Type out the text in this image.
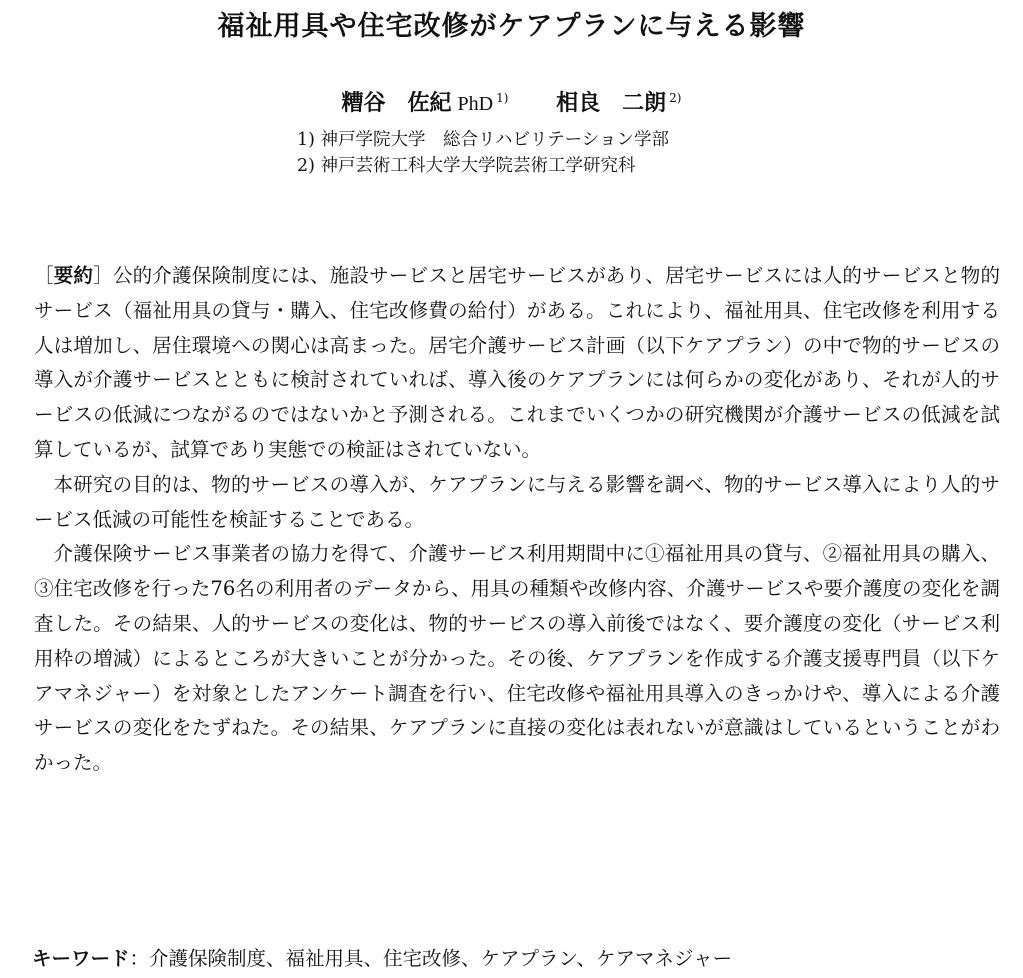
福祉用具や住宅改修がケアプランに与える影響
糟谷　佐紀 PhD $^{1)}$ 相良　二朗 $^{2)}$
1) 神戸学院大学　総合リハビリテーション学部
2) 神戸芸術工科大学大学院芸術工学研究科

［要約］公的介護保険制度には、施設サービスと居宅サービスがあり、居宅サービスには人的サービスと物的サービス（福祉用具の貸与・購入、住宅改修費の給付）がある。これにより、福祉用具、住宅改修を利用する人は増加し、居住環境への関心は高まった。居宅介護サービス計画（以下ケアプラン）の中で物的サービスの導入が介護サービスとともに検討されていれば、導入後のケアプランには何らかの変化があり、それが人的サービスの低減につながるのではないかと予測される。これまでいくつかの研究機関が介護サービスの低減を試算しているが、試算であり実態での検証はされていない。

本研究の目的は、物的サービスの導入が、ケアプランに与える影響を調べ、物的サービス導入により人的サービス低減の可能性を検証することである。

介護保険サービス事業者の協力を得て、介護サービス利用期間中に①福祉用具の貸与、②福祉用具の購入、③住宅改修を行った76名の利用者のデータから、用具の種類や改修内容、介護サービスや要介護度の変化を調査した。その結果、人的サービスの変化は、物的サービスの導入前後ではなく、要介護度の変化（サービス利用枠の増減）によるところが大きいことが分かった。その後、ケアプランを作成する介護支援専門員（以下ケアマネジャー）を対象としたアンケート調査を行い、住宅改修や福祉用具導入のきっかけや、導入による介護サービスの変化をたずねた。その結果、ケアプランに直接の変化は表れないが意識はしているということがわかった。

キーワード：介護保険制度、福祉用具、住宅改修、ケアプラン、ケアマネジャー
